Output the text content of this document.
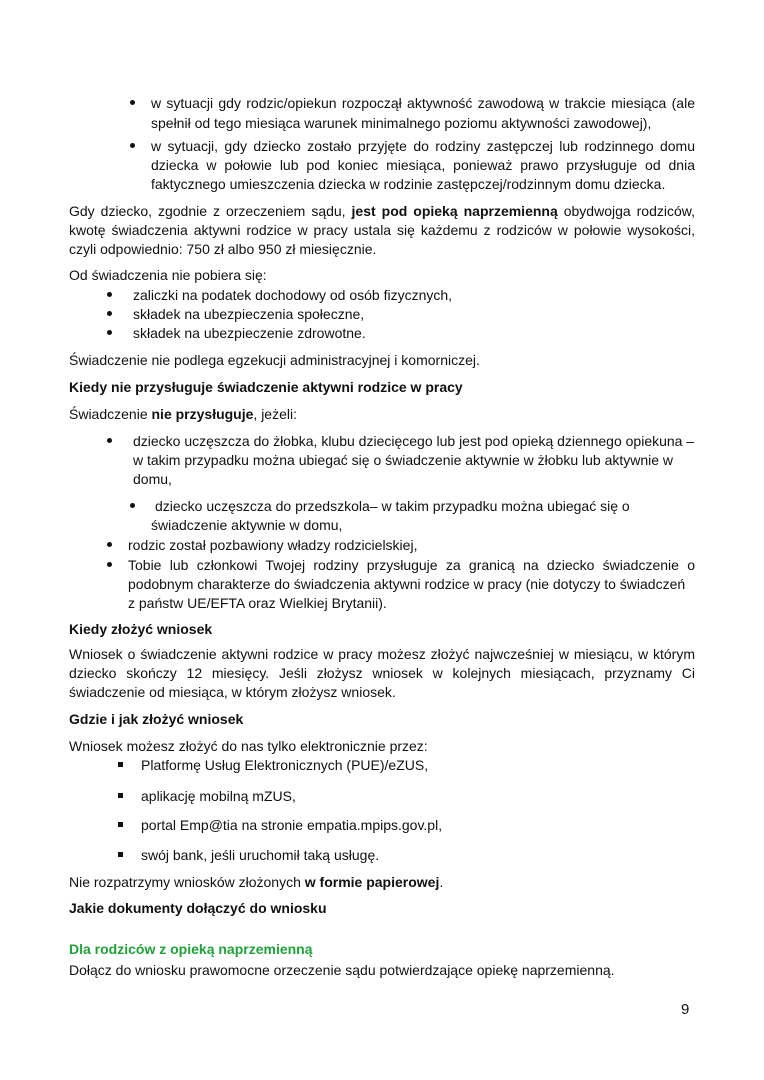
w sytuacji gdy rodzic/opiekun rozpoczął aktywność zawodową w trakcie miesiąca (ale
spełnił od tego miesiąca warunek minimalnego poziomu aktywności zawodowej),
w sytuacji, gdy dziecko zostało przyjęte do rodziny zastępczej lub rodzinnego domu
dziecka w połowie lub pod koniec miesiąca, ponieważ prawo przysługuje od dnia
faktycznego umieszczenia dziecka w rodzinie zastępczej/rodzinnym domu dziecka.
Gdy dziecko, zgodnie z orzeczeniem sądu, jest pod opieką naprzemienną obydwojga rodziców,
kwotę świadczenia aktywni rodzice w pracy ustala się każdemu z rodziców w połowie wysokości,
czyli odpowiednio: 750 zł albo 950 zł miesięcznie.
Od świadczenia nie pobiera się:
zaliczki na podatek dochodowy od osób fizycznych,
składek na ubezpieczenia społeczne,
składek na ubezpieczenie zdrowotne.
Świadczenie nie podlega egzekucji administracyjnej i komorniczej.
Kiedy nie przysługuje świadczenie aktywni rodzice w pracy
Świadczenie nie przysługuje, jeżeli:
dziecko uczęszcza do żłobka, klubu dziecięcego lub jest pod opieką dziennego opiekuna –
w takim przypadku można ubiegać się o świadczenie aktywnie w żłobku lub aktywnie w
domu,
dziecko uczęszcza do przedszkola– w takim przypadku można ubiegać się o
świadczenie aktywnie w domu,
rodzic został pozbawiony władzy rodzicielskiej,
Tobie lub członkowi Twojej rodziny przysługuje za granicą na dziecko świadczenie o
podobnym charakterze do świadczenia aktywni rodzice w pracy (nie dotyczy to świadczeń
z państw UE/EFTA oraz Wielkiej Brytanii).
Kiedy złożyć wniosek
Wniosek o świadczenie aktywni rodzice w pracy możesz złożyć najwcześniej w miesiącu, w którym
dziecko skończy 12 miesięcy. Jeśli złożysz wniosek w kolejnych miesiącach, przyznamy Ci
świadczenie od miesiąca, w którym złożysz wniosek.
Gdzie i jak złożyć wniosek
Wniosek możesz złożyć do nas tylko elektronicznie przez:
Platformę Usług Elektronicznych (PUE)/eZUS,
aplikację mobilną mZUS,
portal Emp@tia na stronie empatia.mpips.gov.pl,
swój bank, jeśli uruchomił taką usługę.
Nie rozpatrzymy wniosków złożonych w formie papierowej.
Jakie dokumenty dołączyć do wniosku
Dla rodziców z opieką naprzemienną
Dołącz do wniosku prawomocne orzeczenie sądu potwierdzające opiekę naprzemienną.
9
